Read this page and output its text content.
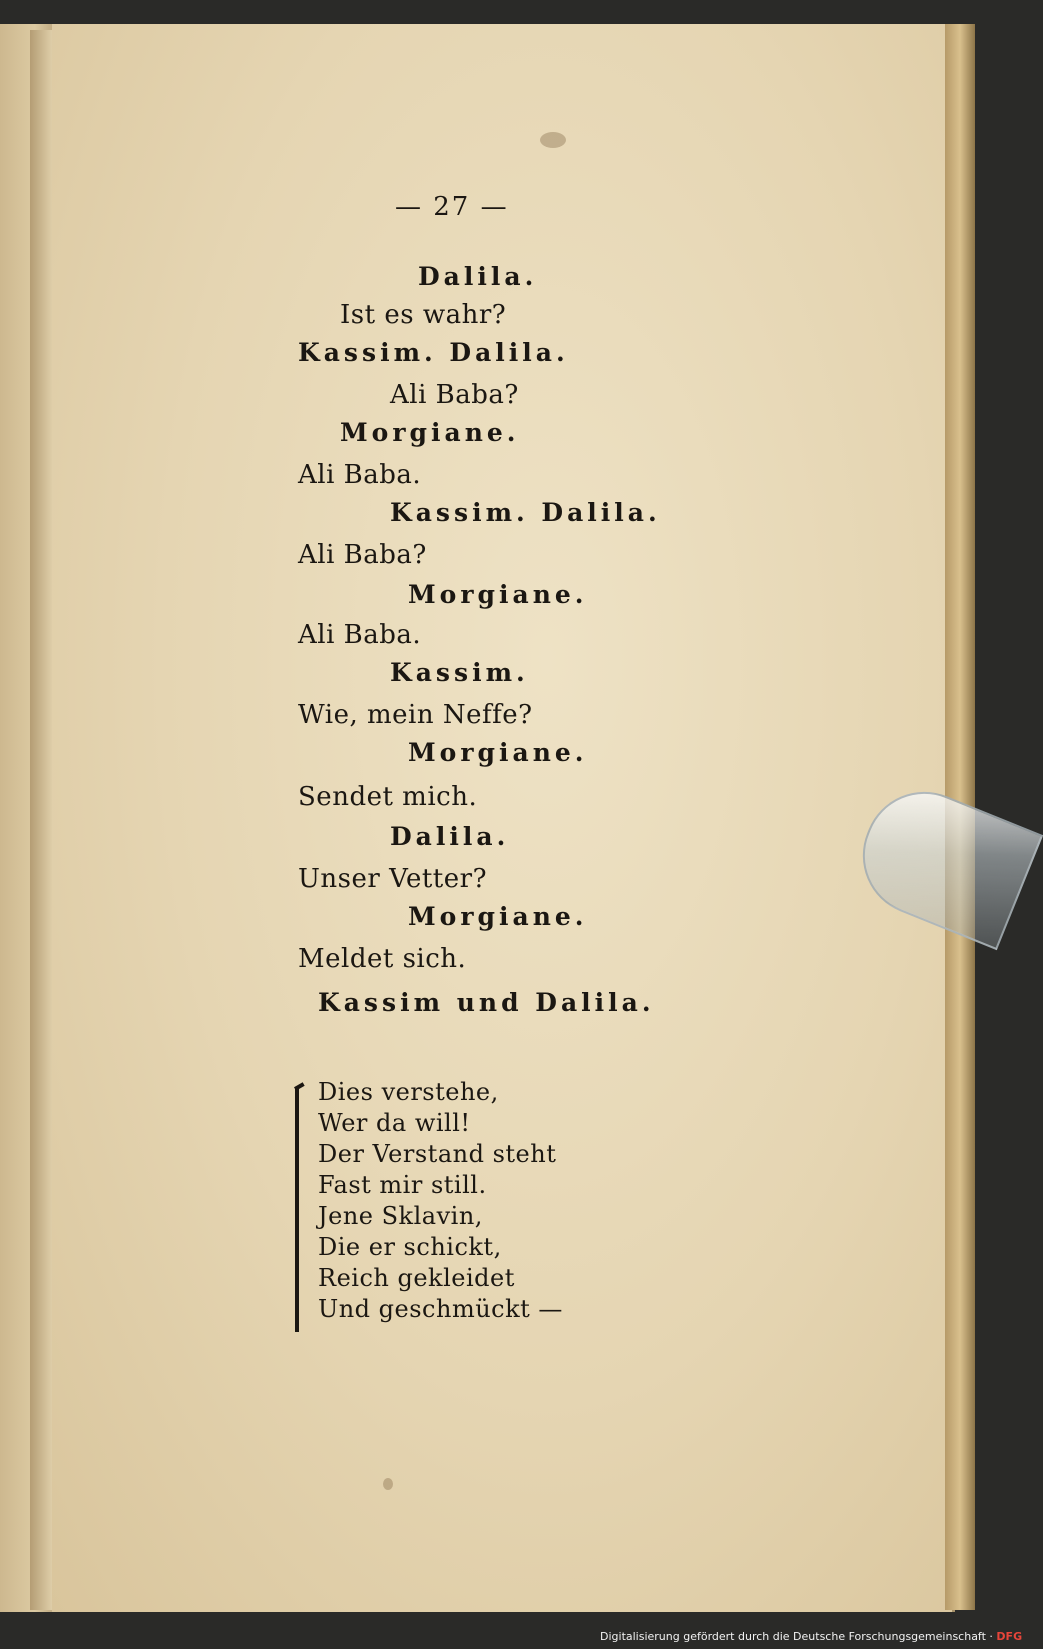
— 27 —
Dalila.
Ist es wahr?
Kassim. Dalila.
Ali Baba?
Morgiane.
Ali Baba.
Kassim. Dalila.
Ali Baba?
Morgiane.
Ali Baba.
Kassim.
Wie, mein Neffe?
Morgiane.
Sendet mich.
Dalila.
Unser Vetter?
Morgiane.
Meldet sich.
Kassim und Dalila.
Dies verstehe,
Wer da will!
Der Verstand steht
Fast mir still.
Jene Sklavin,
Die er schickt,
Reich gekleidet
Und geschmückt —
Digitalisierung gefördert durch die Deutsche Forschungsgemeinschaft · DFG
